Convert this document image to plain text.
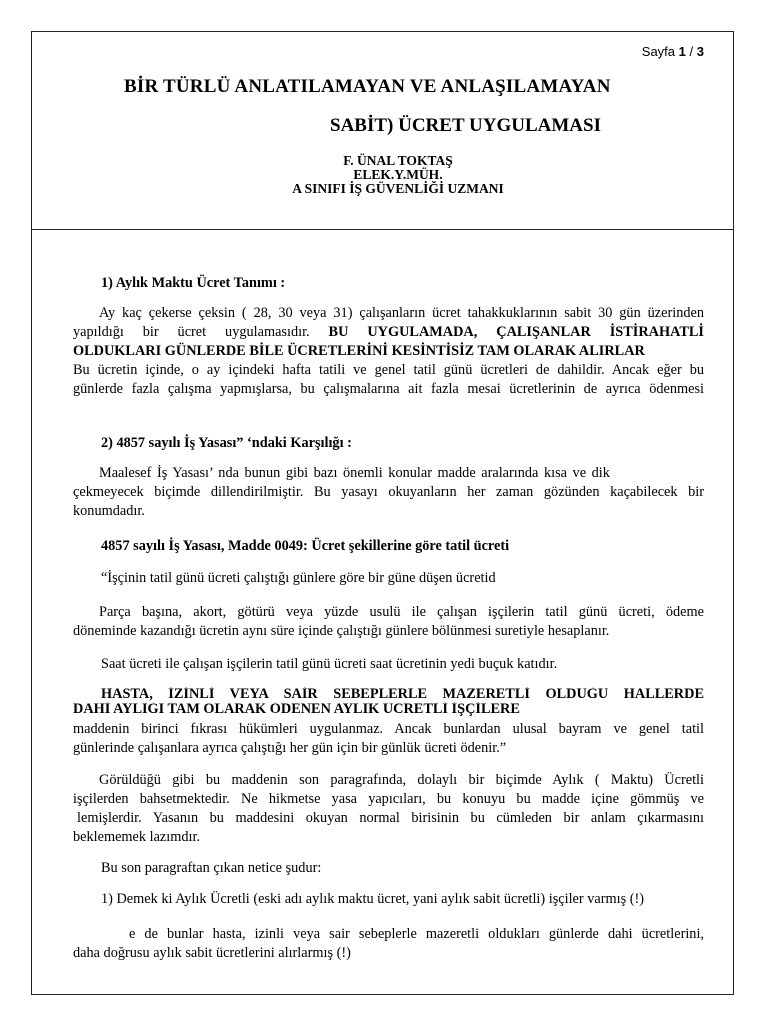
Sayfa 1 / 3
BİR TÜRLÜ ANLATILAMAYAN VE ANLAŞILAMAYAN
SABİT) ÜCRET UYGULAMASI
F. ÜNAL TOKTAŞ
ELEK.Y.MÜH.
A SINIFI İŞ GÜVENLİĞİ UZMANI
1) Aylık Maktu Ücret Tanımı :
Ay kaç çekerse çeksin ( 28, 30 veya 31) çalışanların ücret tahakkuklarının sabit 30 gün üzerinden
yapıldığı bir ücret uygulamasıdır. BU UYGULAMADA, ÇALIŞANLAR İSTİRAHATLİ
OLDUKLARI GÜNLERDE BİLE ÜCRETLERİNİ KESİNTİSİZ TAM OLARAK ALIRLAR
Bu ücretin içinde, o ay içindeki hafta tatili ve genel tatil günü ücretleri de dahildir. Ancak eğer bu
günlerde fazla çalışma yapmışlarsa, bu çalışmalarına ait fazla mesai ücretlerinin de ayrıca ödenmesi
2) 4857 sayılı İş Yasası” ‘ndaki Karşılığı :
Maalesef İş Yasası’ nda bunun gibi bazı önemli konular madde aralarında kısa ve dik
çekmeyecek biçimde dillendirilmiştir. Bu yasayı okuyanların her zaman gözünden kaçabilecek bir
konumdadır.
4857 sayılı İş Yasası, Madde 0049: Ücret şekillerine göre tatil ücreti
“İşçinin tatil günü ücreti çalıştığı günlere göre bir güne düşen ücretid
Parça başına, akort, götürü veya yüzde usulü ile çalışan işçilerin tatil günü ücreti, ödeme
döneminde kazandığı ücretin aynı süre içinde çalıştığı günlere bölünmesi suretiyle hesaplanır.
Saat ücreti ile çalışan işçilerin tatil günü ücreti saat ücretinin yedi buçuk katıdır.
HASTA, İZİNLİ VEYA SAİR SEBEPLERLE MAZERETLİ OLDUĞU HALLERDE
DAHİ AYLIĞI TAM OLARAK ÖDENEN AYLIK ÜCRETLİ İŞÇİLERE
maddenin birinci fıkrası hükümleri uygulanmaz. Ancak bunlardan ulusal bayram ve genel tatil
günlerinde çalışanlara ayrıca çalıştığı her gün için bir günlük ücreti ödenir.”
Görüldüğü gibi bu maddenin son paragrafında, dolaylı bir biçimde Aylık ( Maktu) Ücretli
işçilerden bahsetmektedir. Ne hikmetse yasa yapıcıları, bu konuyu bu madde içine gömmüş ve
lemişlerdir. Yasanın bu maddesini okuyan normal birisinin bu cümleden bir anlam çıkarmasını
beklememek lazımdır.
Bu son paragraftan çıkan netice şudur:
1) Demek ki Aylık Ücretli (eski adı aylık maktu ücret, yani aylık sabit ücretli) işçiler varmış (!)
e de bunlar hasta, izinli veya sair sebeplerle mazeretli oldukları günlerde dahi ücretlerini,
daha doğrusu aylık sabit ücretlerini alırlarmış (!)
